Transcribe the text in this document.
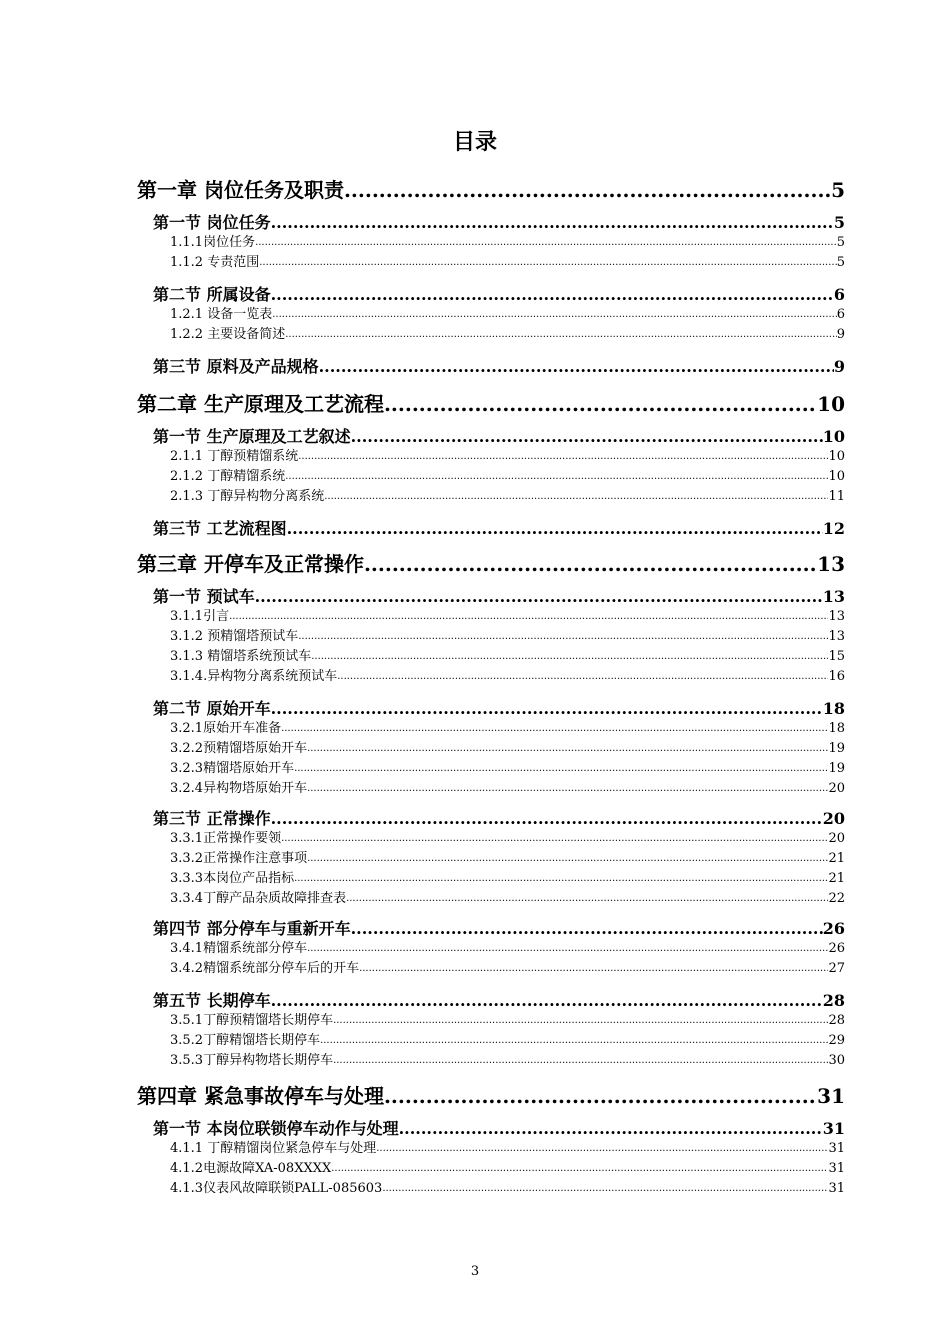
目录
第一章 岗位任务及职责 .....	5
第一节 岗位任务 .....	5
1.1.1岗位任务 .....	5
1.1.2 专责范围 .....	5
第二节 所属设备 .....	6
1.2.1 设备一览表 .....	6
1.2.2 主要设备简述 .....	9
第三节 原料及产品规格 .....	9
第二章 生产原理及工艺流程 .....	10
第一节 生产原理及工艺叙述 .....	10
2.1.1 丁醇预精馏系统 .....	10
2.1.2 丁醇精馏系统 .....	10
2.1.3 丁醇异构物分离系统 .....	11
第三节 工艺流程图 .....	12
第三章 开停车及正常操作 .....	13
第一节 预试车 .....	13
3.1.1引言 .....	13
3.1.2 预精馏塔预试车 .....	13
3.1.3 精馏塔系统预试车 .....	15
3.1.4.异构物分离系统预试车 .....	16
第二节 原始开车 .....	18
3.2.1原始开车准备 .....	18
3.2.2预精馏塔原始开车 .....	19
3.2.3精馏塔原始开车 .....	19
3.2.4异构物塔原始开车 .....	20
第三节 正常操作 .....	20
3.3.1正常操作要领 .....	20
3.3.2正常操作注意事项 .....	21
3.3.3本岗位产品指标 .....	21
3.3.4丁醇产品杂质故障排查表 .....	22
第四节 部分停车与重新开车 .....	26
3.4.1精馏系统部分停车 .....	26
3.4.2精馏系统部分停车后的开车 .....	27
第五节 长期停车 .....	28
3.5.1丁醇预精馏塔长期停车 .....	28
3.5.2丁醇精馏塔长期停车 .....	29
3.5.3丁醇异构物塔长期停车 .....	30
第四章 紧急事故停车与处理 .....	31
第一节 本岗位联锁停车动作与处理 .....	31
4.1.1 丁醇精馏岗位紧急停车与处理 .....	31
4.1.2电源故障XA-08XXXX .....	31
4.1.3仪表风故障联锁PALL-085603 .....	31
3
